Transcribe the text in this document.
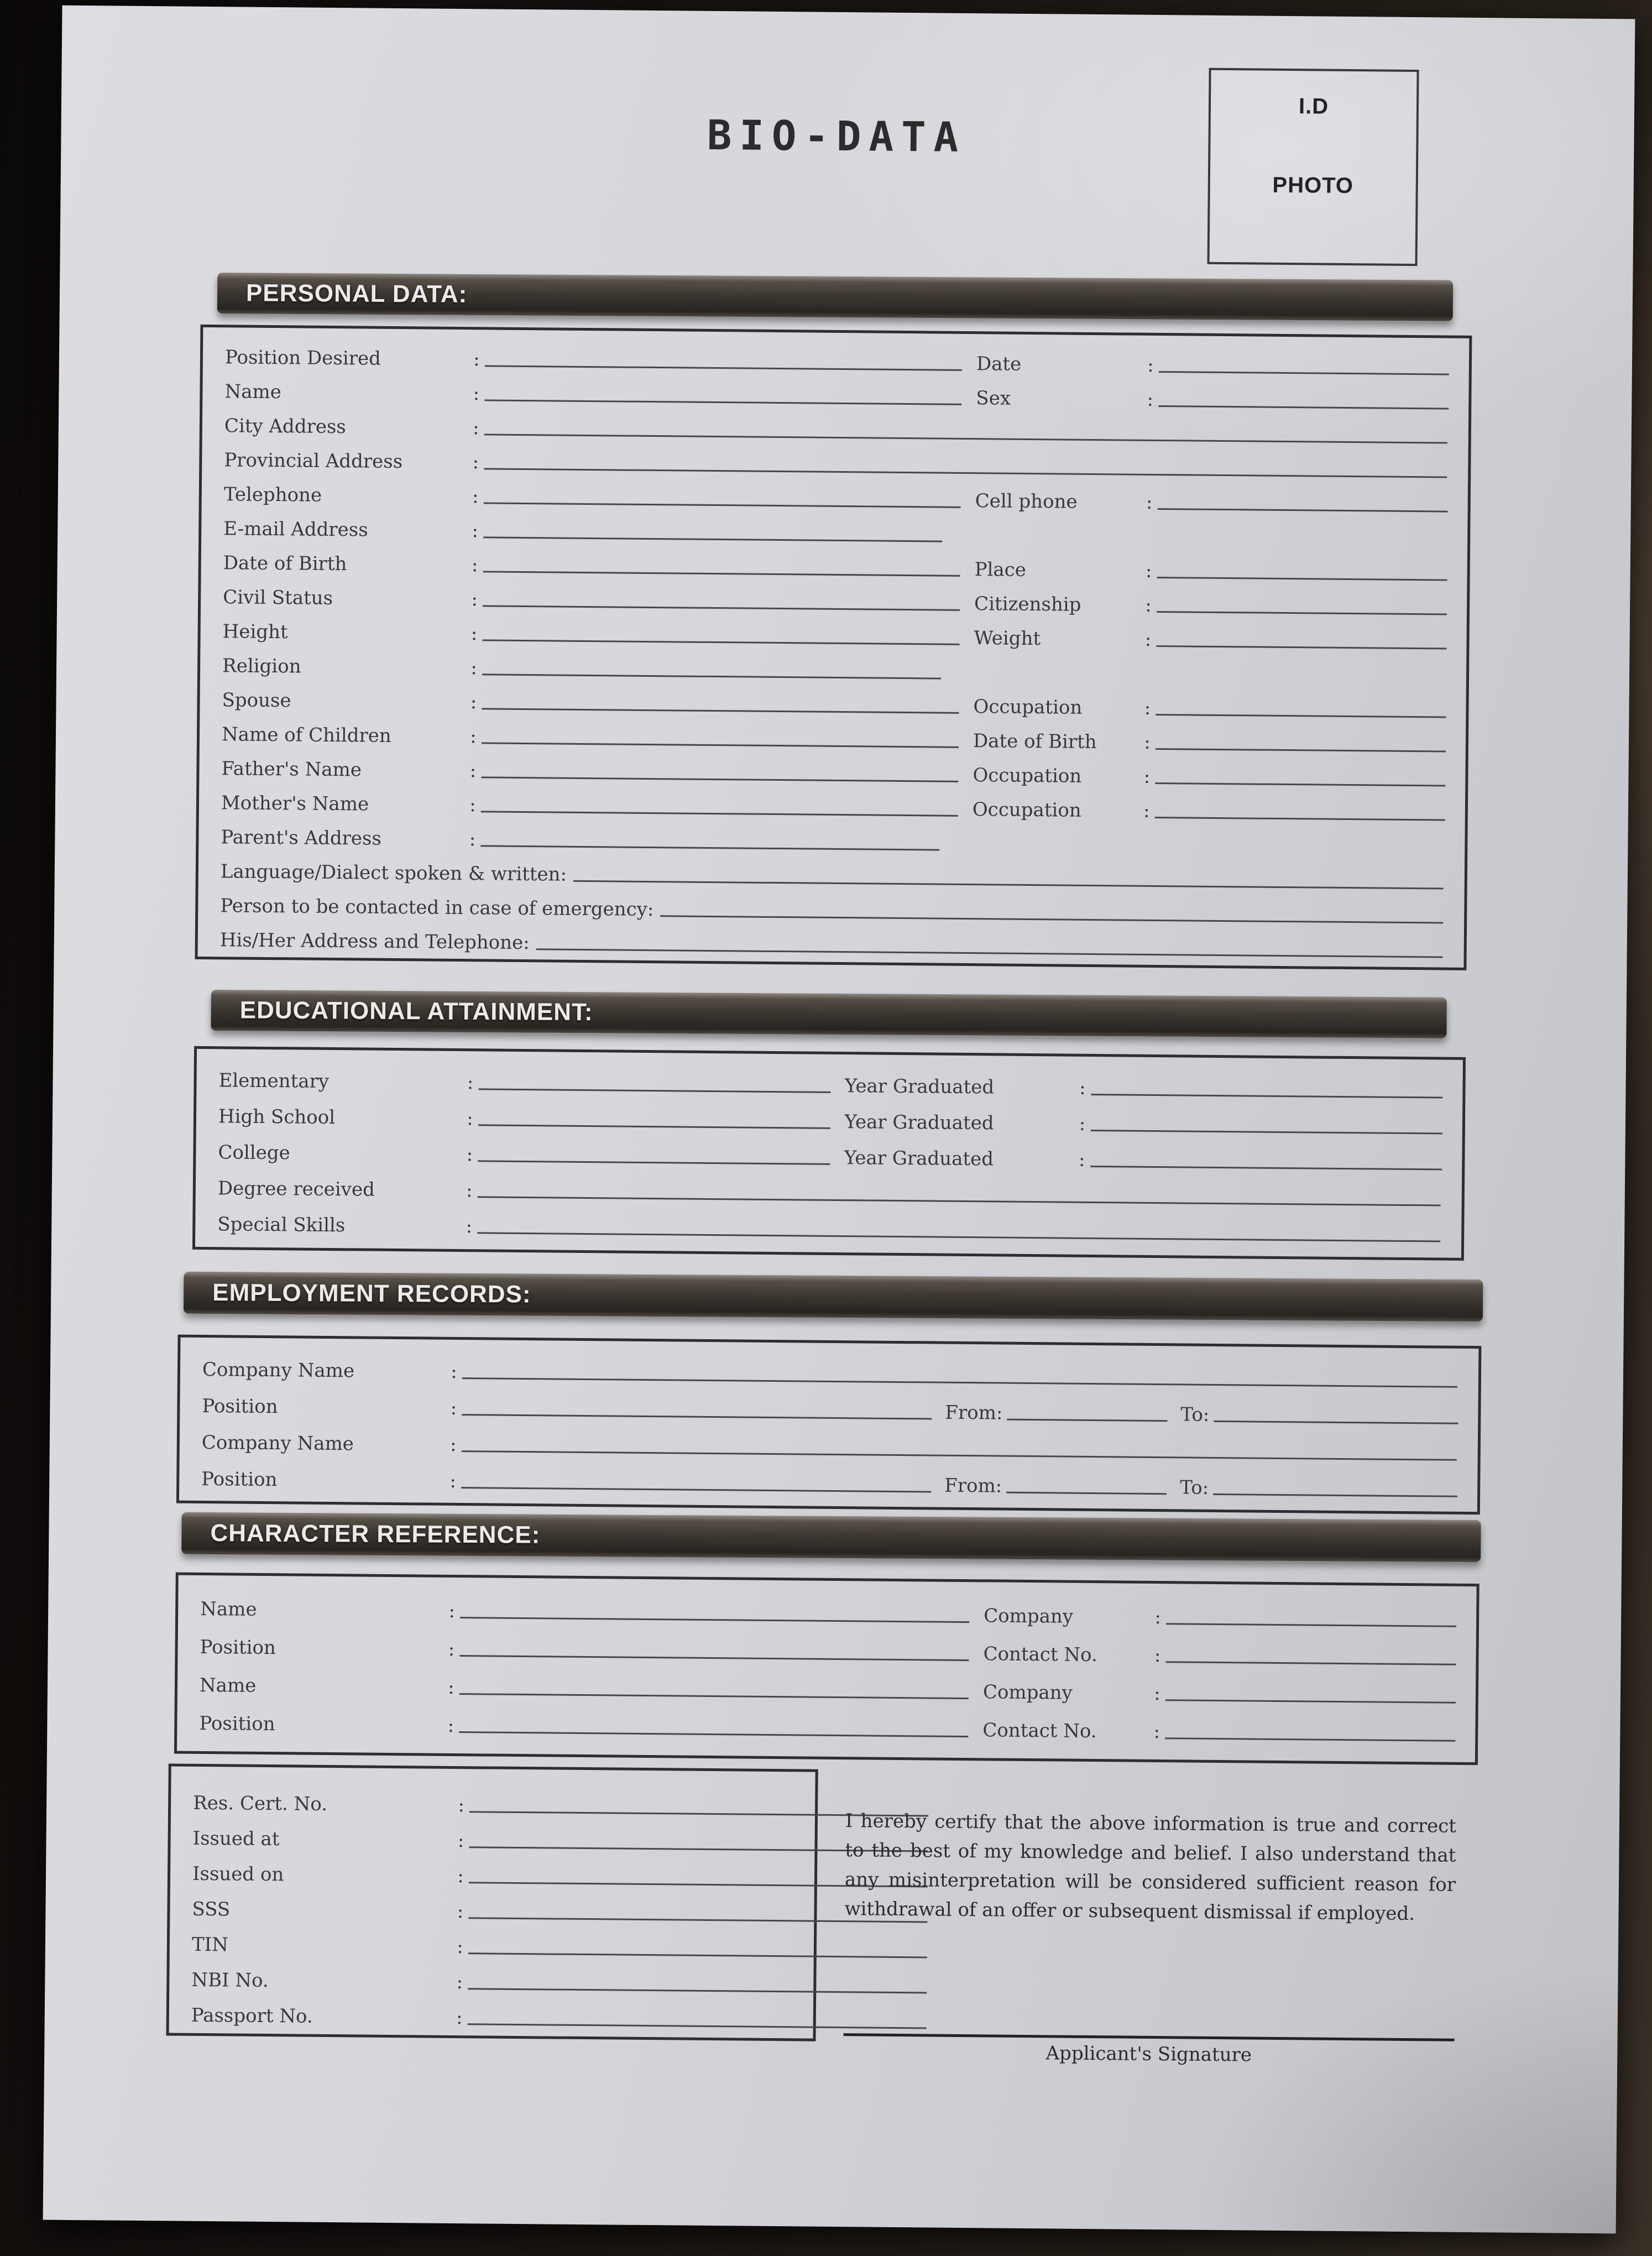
BIO-DATA
I.D
PHOTO
PERSONAL DATA:
Position Desired	:	Date	:
Name	:	Sex	:
City Address	:
Provincial Address	:
Telephone	:	Cell phone	:
E-mail Address	:
Date of Birth	:	Place	:
Civil Status	:	Citizenship	:
Height	:	Weight	:
Religion	:
Spouse	:	Occupation	:
Name of Children	:	Date of Birth	:
Father's Name	:	Occupation	:
Mother's Name	:	Occupation	:
Parent's Address	:
Language/Dialect spoken & written:
Person to be contacted in case of emergency:
His/Her Address and Telephone:
EDUCATIONAL ATTAINMENT:
Elementary	:	Year Graduated	:
High School	:	Year Graduated	:
College	:	Year Graduated	:
Degree received	:
Special Skills	:
EMPLOYMENT RECORDS:
Company Name	:
Position	:	From:	To:
Company Name	:
Position	:	From:	To:
CHARACTER REFERENCE:
Name	:	Company	:
Position	:	Contact No.	:
Name	:	Company	:
Position	:	Contact No.	:
Res. Cert. No.	:
Issued at	:
Issued on	:
SSS	:
TIN	:
NBI No.	:
Passport No.	:
I hereby certify that the above information is true and correct to the best of my knowledge and belief. I also understand that any misinterpretation will be considered sufficient reason for withdrawal of an offer or subsequent dismissal if employed.
Applicant's Signature
